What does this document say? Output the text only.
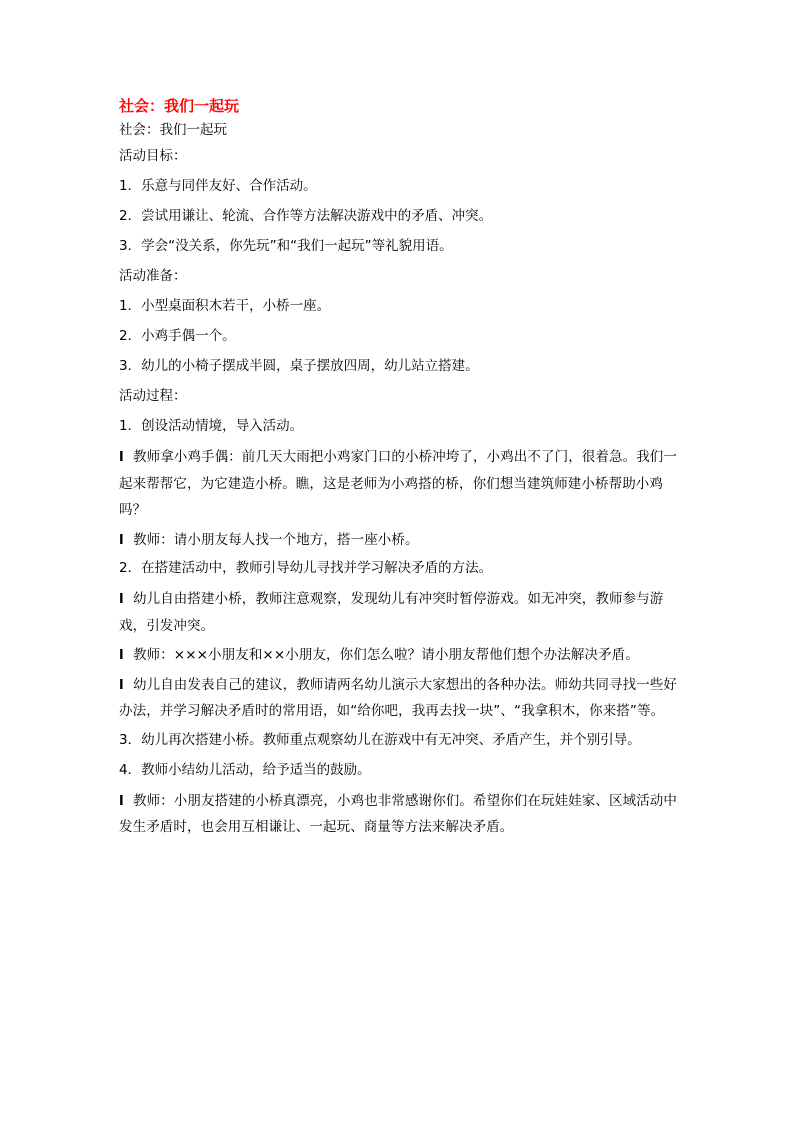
社会：我们一起玩

社会：我们一起玩

活动目标：

1．乐意与同伴友好、合作活动。

2．尝试用谦让、轮流、合作等方法解决游戏中的矛盾、冲突。

3．学会“没关系，你先玩”和“我们一起玩”等礼貌用语。

活动准备：

1．小型桌面积木若干，小桥一座。

2．小鸡手偶一个。

3．幼儿的小椅子摆成半圆，桌子摆放四周，幼儿站立搭建。

活动过程：

1．创设活动情境，导入活动。

l 教师拿小鸡手偶：前几天大雨把小鸡家门口的小桥冲垮了，小鸡出不了门，很着急。我们一起来帮帮它，为它建造小桥。瞧，这是老师为小鸡搭的桥，你们想当建筑师建小桥帮助小鸡吗？

l 教师：请小朋友每人找一个地方，搭一座小桥。

2．在搭建活动中，教师引导幼儿寻找并学习解决矛盾的方法。

l 幼儿自由搭建小桥，教师注意观察，发现幼儿有冲突时暂停游戏。如无冲突，教师参与游戏，引发冲突。

l 教师：×××小朋友和××小朋友，你们怎么啦？请小朋友帮他们想个办法解决矛盾。

l 幼儿自由发表自己的建议，教师请两名幼儿演示大家想出的各种办法。师幼共同寻找一些好办法，并学习解决矛盾时的常用语，如“给你吧，我再去找一块”、“我拿积木，你来搭”等。

3．幼儿再次搭建小桥。教师重点观察幼儿在游戏中有无冲突、矛盾产生，并个别引导。

4．教师小结幼儿活动，给予适当的鼓励。

l 教师：小朋友搭建的小桥真漂亮，小鸡也非常感谢你们。希望你们在玩娃娃家、区域活动中发生矛盾时，也会用互相谦让、一起玩、商量等方法来解决矛盾。
